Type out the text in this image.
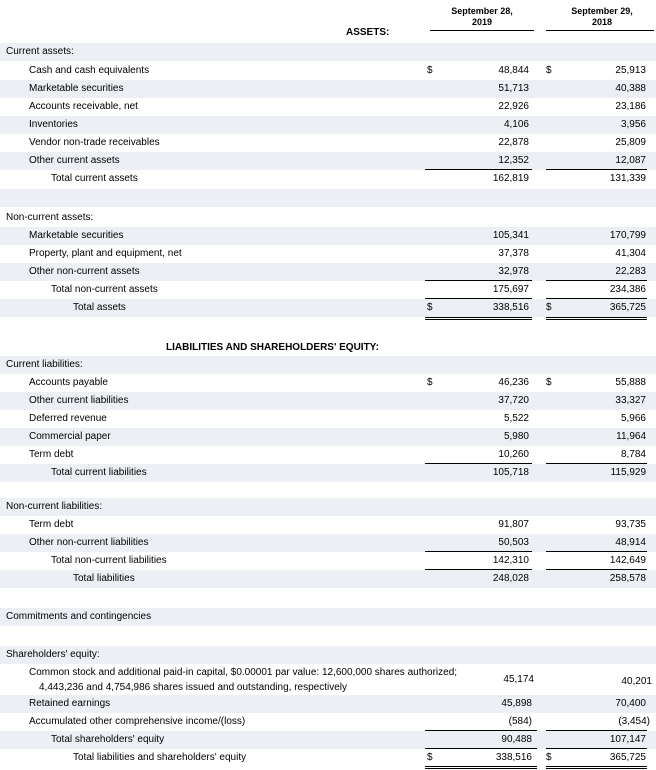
September 28,
2019
September 29,
2018
ASSETS:
Current assets:
Cash and cash equivalents	$	48,844 $	25,913
Marketable securities	51,713	40,388
Accounts receivable, net	22,926	23,186
Inventories	4,106	3,956
Vendor non-trade receivables	22,878	25,809
Other current assets	12,352	12,087
Total current assets	162,819	131,339
Non-current assets:
Marketable securities	105,341	170,799
Property, plant and equipment, net	37,378	41,304
Other non-current assets	32,978	22,283
Total non-current assets	175,697	234,386
Total assets	$	338,516 $	365,725
LIABILITIES AND SHAREHOLDERS' EQUITY:
Current liabilities:
Accounts payable	$	46,236 $	55,888
Other current liabilities	37,720	33,327
Deferred revenue	5,522	5,966
Commercial paper	5,980	11,964
Term debt	10,260	8,784
Total current liabilities	105,718	115,929
Non-current liabilities:
Term debt	91,807	93,735
Other non-current liabilities	50,503	48,914
Total non-current liabilities	142,310	142,649
Total liabilities	248,028	258,578
Commitments and contingencies
Shareholders' equity:
Common stock and additional paid-in capital, $0.00001 par value: 12,600,000 shares authorized;
4,443,236 and 4,754,986 shares issued and outstanding, respectively
45,174	40,201
Retained earnings	45,898	70,400
Accumulated other comprehensive income/(loss)	(584)	(3,454)
Total shareholders' equity	90,488	107,147
Total liabilities and shareholders' equity	$	338,516 $	365,725
